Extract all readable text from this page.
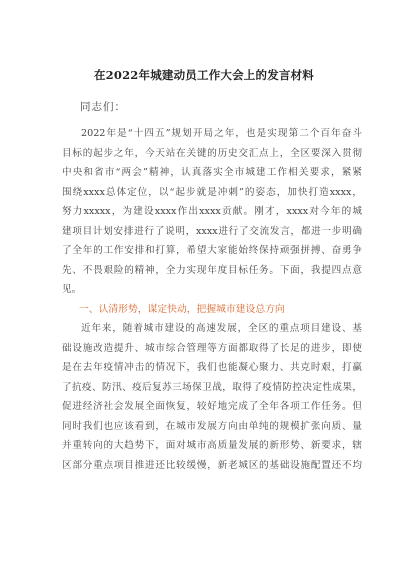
在2022年城建动员工作大会上的发言材料
同志们：
2022年是“十四五”规划开局之年，也是实现第二个百年奋斗
目标的起步之年，今天站在关键的历史交汇点上，全区要深入贯彻
中央和省市“两会”精神，认真落实全市城建工作相关要求，紧紧
围绕xxxx总体定位，以“起步就是冲刺”的姿态，加快打造xxxx，
努力xxxxx，为建设xxxx作出xxxx贡献。刚才，xxxx对今年的城
建项目计划安排进行了说明，xxxx进行了交流发言，都进一步明确
了全年的工作安排和打算，希望大家能始终保持顽强拼搏、奋勇争
先、不畏艰险的精神，全力实现年度目标任务。下面，我提四点意
见。
一、认清形势，谋定快动，把握城市建设总方向
近年来，随着城市建设的高速发展，全区的重点项目建设、基
础设施改造提升、城市综合管理等方面都取得了长足的进步，即使
是在去年疫情冲击的情况下，我们也能凝心聚力、共克时艰，打赢
了抗疫、防汛、疫后复苏三场保卫战，取得了疫情防控决定性成果，
促进经济社会发展全面恢复，较好地完成了全年各项工作任务。但
同时我们也应该看到，在城市发展方向由单纯的规模扩张向质、量
并重转向的大趋势下，面对城市高质量发展的新形势、新要求，辖
区部分重点项目推进还比较缓慢，新老城区的基础设施配置还不均
